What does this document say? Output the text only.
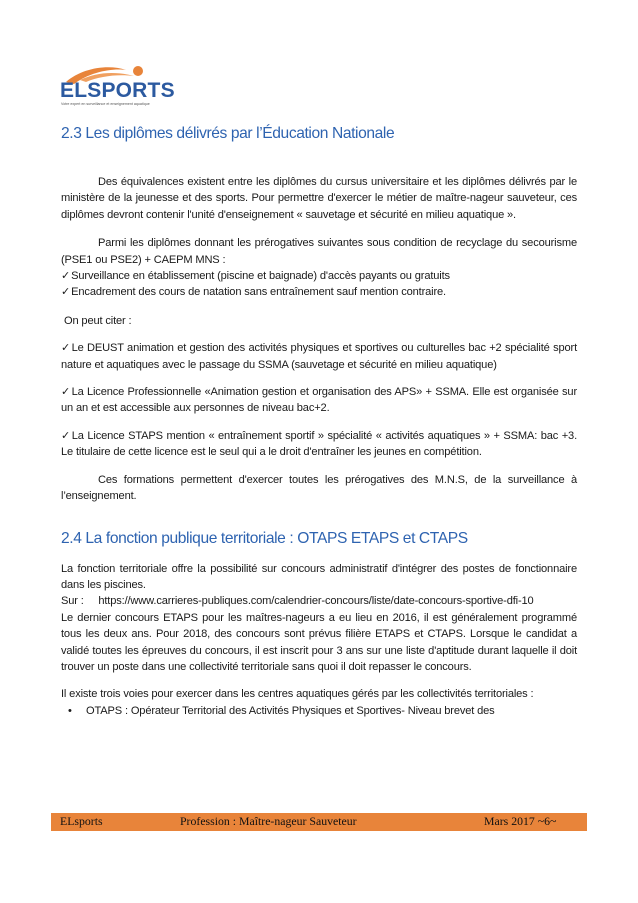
ELSPORTS
Votre expert en surveillance et enseignement aquatique
2.3 Les diplômes délivrés par l’Éducation Nationale

Des équivalences existent entre les diplômes du cursus universitaire et les diplômes délivrés par le ministère de la jeunesse et des sports. Pour permettre d'exercer le métier de maître-nageur sauveteur, ces diplômes devront contenir l'unité d'enseignement « sauvetage et sécurité en milieu aquatique ».

Parmi les diplômes donnant les prérogatives suivantes sous condition de recyclage du secourisme (PSE1 ou PSE2) + CAEPM MNS :

✓Surveillance en établissement (piscine et baignade) d'accès payants ou gratuits

✓Encadrement des cours de natation sans entraînement sauf mention contraire.

On peut citer :

✓Le DEUST animation et gestion des activités physiques et sportives ou culturelles bac +2 spécialité sport nature et aquatiques avec le passage du SSMA (sauvetage et sécurité en milieu aquatique)

✓La Licence Professionnelle «Animation gestion et organisation des APS» + SSMA. Elle est organisée sur un an et est accessible aux personnes de niveau bac+2.

✓La Licence STAPS mention « entraînement sportif » spécialité « activités aquatiques » + SSMA: bac +3. Le titulaire de cette licence est le seul qui a le droit d'entraîner les jeunes en compétition.

Ces formations permettent d'exercer toutes les prérogatives des M.N.S, de la surveillance à l’enseignement.

2.4 La fonction publique territoriale : OTAPS ETAPS et CTAPS

La fonction territoriale offre la possibilité sur concours administratif d'intégrer des postes de fonctionnaire dans les piscines.

Sur :     https://www.carrieres-publiques.com/calendrier-concours/liste/date-concours-sportive-dfi-10

Le dernier concours ETAPS pour les maîtres-nageurs a eu lieu en 2016, il est généralement programmé tous les deux ans. Pour 2018, des concours sont prévus filière ETAPS et CTAPS. Lorsque le candidat a validé toutes les épreuves du concours, il est inscrit pour 3 ans sur une liste d'aptitude durant laquelle il doit trouver un poste dans une collectivité territoriale sans quoi il doit repasser le concours.

Il existe trois voies pour exercer dans les centres aquatiques gérés par les collectivités territoriales :

• OTAPS : Opérateur Territorial des Activités Physiques et Sportives- Niveau brevet des
ELsports	Profession : Maître-nageur Sauveteur	Mars 2017 ~6~
